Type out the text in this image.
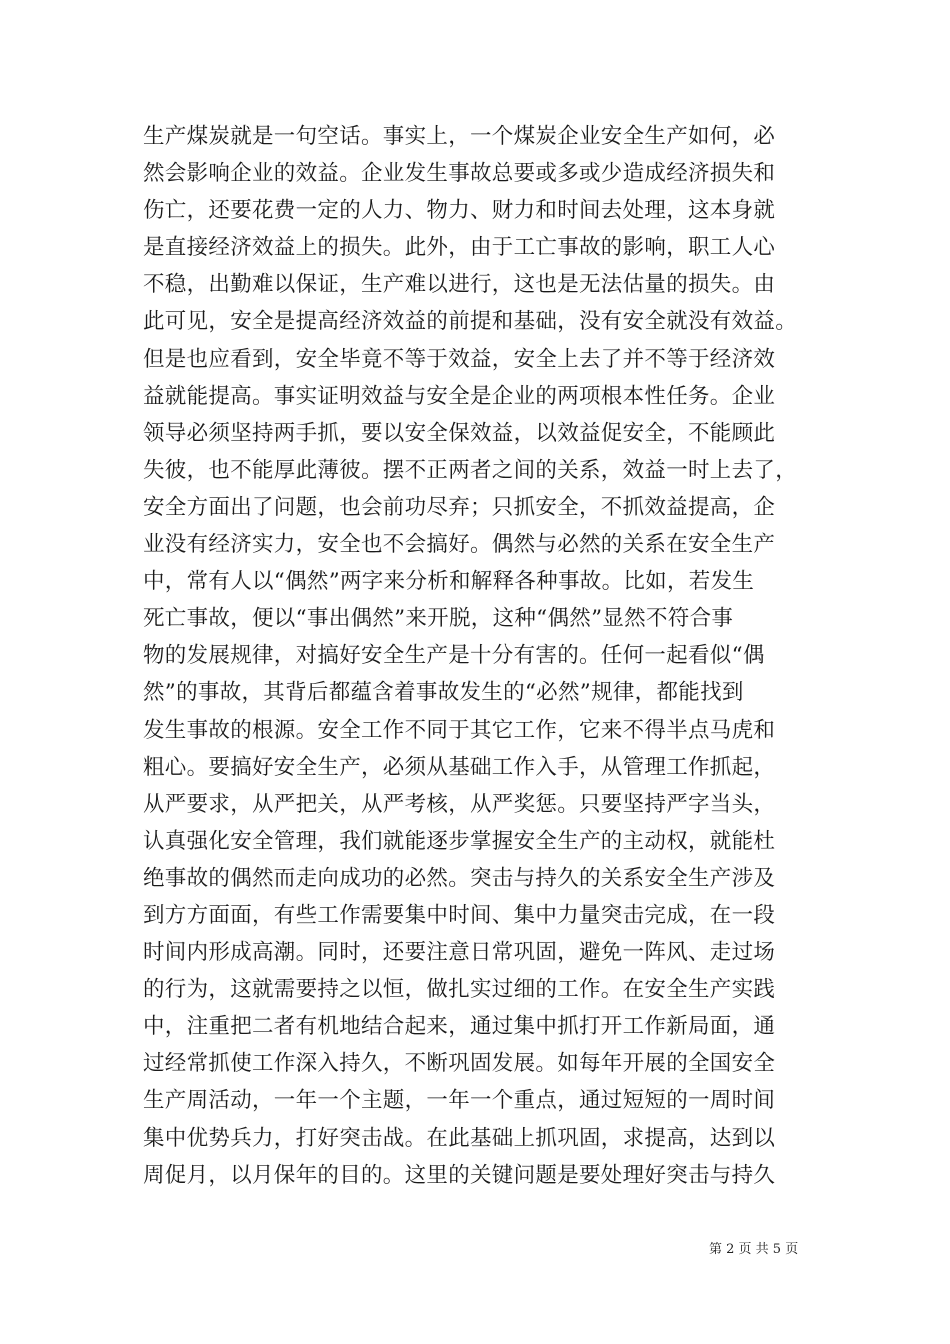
生产煤炭就是一句空话。事实上，一个煤炭企业安全生产如何，必
然会影响企业的效益。企业发生事故总要或多或少造成经济损失和
伤亡，还要花费一定的人力、物力、财力和时间去处理，这本身就
是直接经济效益上的损失。此外，由于工亡事故的影响，职工人心
不稳，出勤难以保证，生产难以进行，这也是无法估量的损失。由
此可见，安全是提高经济效益的前提和基础，没有安全就没有效益。
但是也应看到，安全毕竟不等于效益，安全上去了并不等于经济效
益就能提高。事实证明效益与安全是企业的两项根本性任务。企业
领导必须坚持两手抓，要以安全保效益，以效益促安全，不能顾此
失彼，也不能厚此薄彼。摆不正两者之间的关系，效益一时上去了，
安全方面出了问题，也会前功尽弃；只抓安全，不抓效益提高，企
业没有经济实力，安全也不会搞好。偶然与必然的关系在安全生产
中，常有人以“偶然”两字来分析和解释各种事故。比如，若发生
死亡事故，便以“事出偶然”来开脱，这种“偶然”显然不符合事
物的发展规律，对搞好安全生产是十分有害的。任何一起看似“偶
然”的事故，其背后都蕴含着事故发生的“必然”规律，都能找到
发生事故的根源。安全工作不同于其它工作，它来不得半点马虎和
粗心。要搞好安全生产，必须从基础工作入手，从管理工作抓起，
从严要求，从严把关，从严考核，从严奖惩。只要坚持严字当头，
认真强化安全管理，我们就能逐步掌握安全生产的主动权，就能杜
绝事故的偶然而走向成功的必然。突击与持久的关系安全生产涉及
到方方面面，有些工作需要集中时间、集中力量突击完成，在一段
时间内形成高潮。同时，还要注意日常巩固，避免一阵风、走过场
的行为，这就需要持之以恒，做扎实过细的工作。在安全生产实践
中，注重把二者有机地结合起来，通过集中抓打开工作新局面，通
过经常抓使工作深入持久，不断巩固发展。如每年开展的全国安全
生产周活动，一年一个主题，一年一个重点，通过短短的一周时间
集中优势兵力，打好突击战。在此基础上抓巩固，求提高，达到以
周促月，以月保年的目的。这里的关键问题是要处理好突击与持久
第 2 页 共 5 页
